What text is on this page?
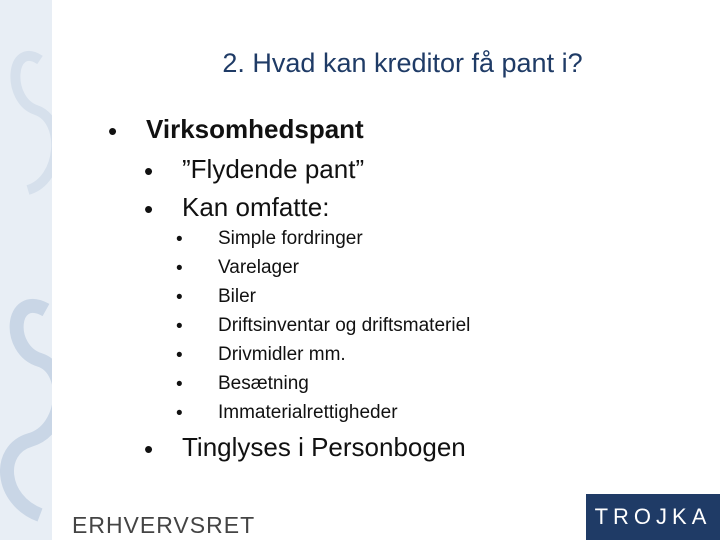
2. Hvad kan kreditor få pant i?
• Virksomhedspant
• ”Flydende pant”
• Kan omfatte:
• Simple fordringer
• Varelager
• Biler
• Driftsinventar og driftsmateriel
• Drivmidler mm.
• Besætning
• Immaterialrettigheder
• Tinglyses i Personbogen
ERHVERVSRET	TROJKA
